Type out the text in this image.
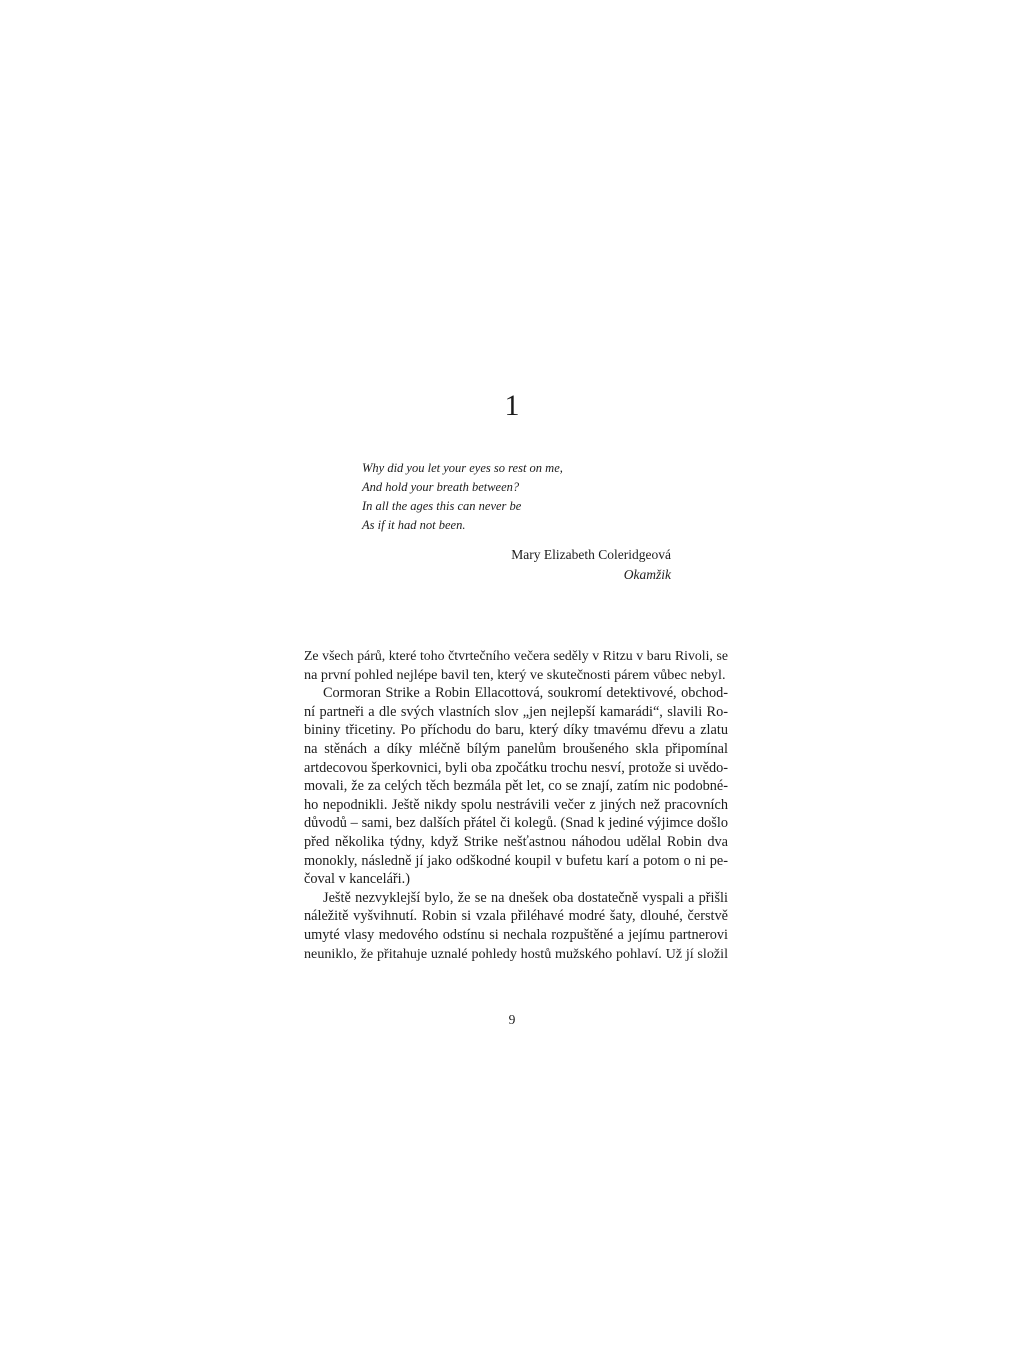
1
Why did you let your eyes so rest on me,
And hold your breath between?
In all the ages this can never be
As if it had not been.
Mary Elizabeth Coleridgeová
Okamžik

Ze všech párů, které toho čtvrtečního večera seděly v Ritzu v baru Rivoli, se
na první pohled nejlépe bavil ten, který ve skutečnosti párem vůbec nebyl.

Cormoran Strike a Robin Ellacottová, soukromí detektivové, obchod-
ní partneři a dle svých vlastních slov „jen nejlepší kamarádi“, slavili Ro-
bininy třicetiny. Po příchodu do baru, který díky tmavému dřevu a zlatu
na stěnách a díky mléčně bílým panelům broušeného skla připomínal
artdecovou šperkovnici, byli oba zpočátku trochu nesví, protože si uvědo-
movali, že za celých těch bezmála pět let, co se znají, zatím nic podobné-
ho nepodnikli. Ještě nikdy spolu nestrávili večer z jiných než pracovních
důvodů – sami, bez dalších přátel či kolegů. (Snad k jediné výjimce došlo
před několika týdny, když Strike nešťastnou náhodou udělal Robin dva
monokly, následně jí jako odškodné koupil v bufetu karí a potom o ni pe-
čoval v kanceláři.)

Ještě nezvyklejší bylo, že se na dnešek oba dostatečně vyspali a přišli
náležitě vyšvihnutí. Robin si vzala přiléhavé modré šaty, dlouhé, čerstvě
umyté vlasy medového odstínu si nechala rozpuštěné a jejímu partnerovi
neuniklo, že přitahuje uznalé pohledy hostů mužského pohlaví. Už jí složil

9
